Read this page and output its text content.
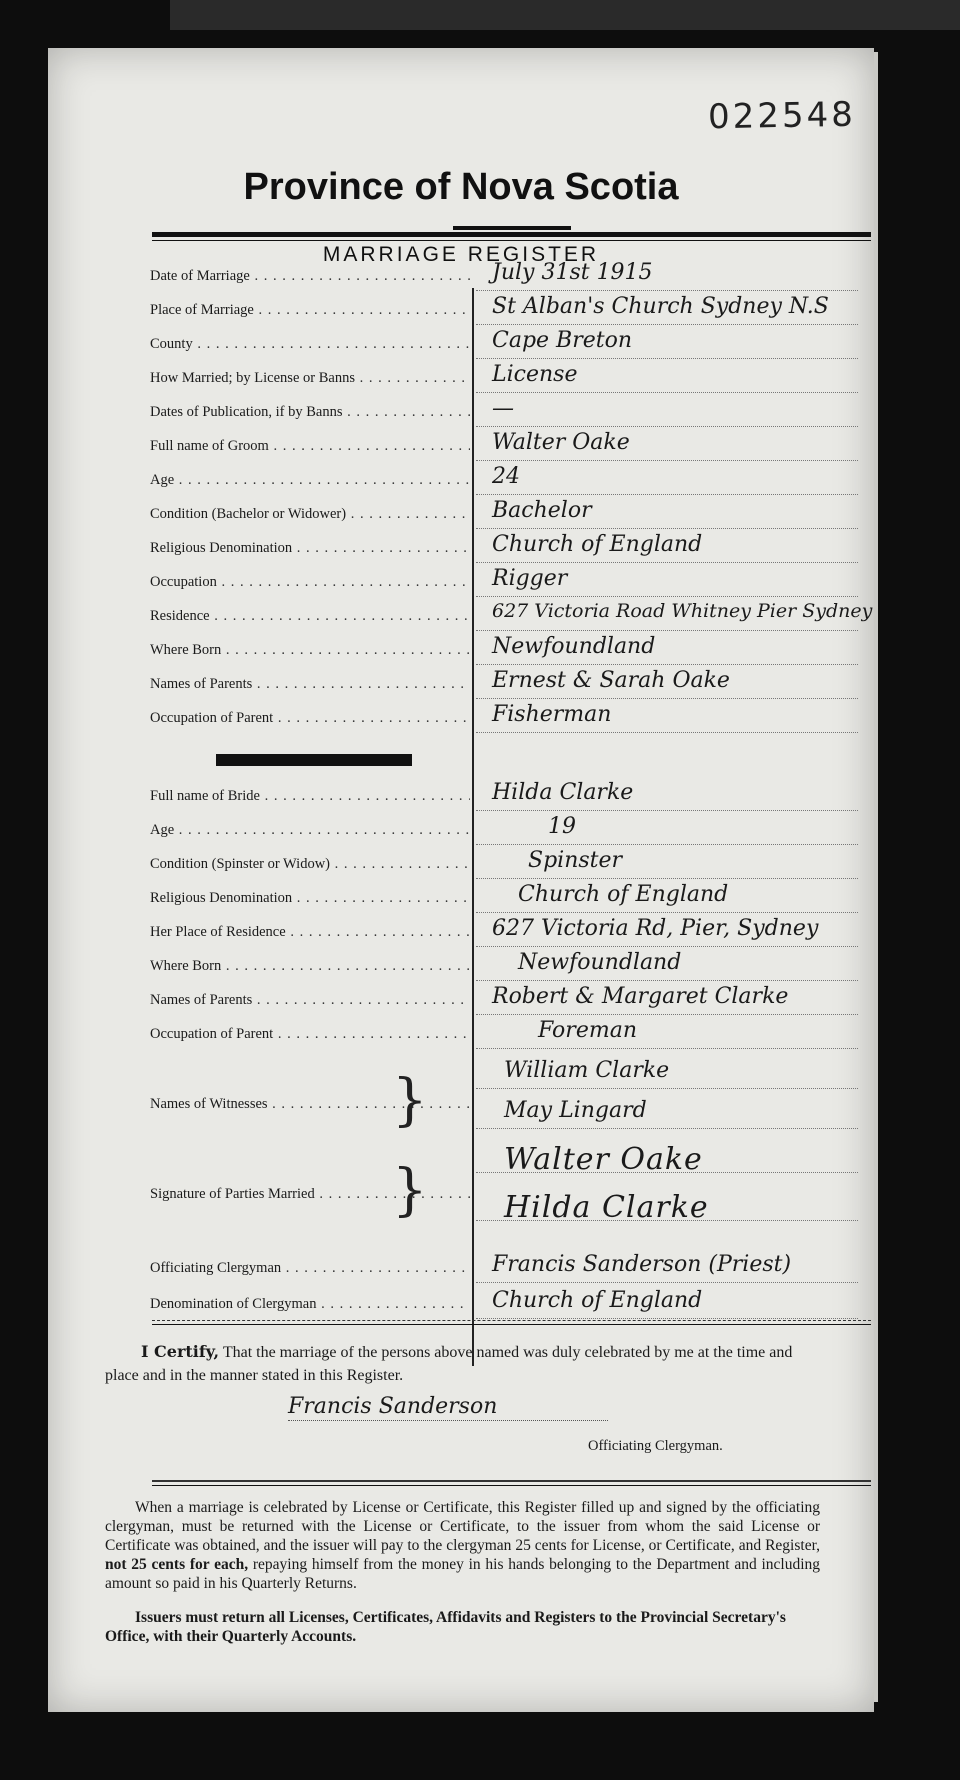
022548
Province of Nova Scotia
MARRIAGE REGISTER
Date of Marriage . . .	July 31st 1915
Place of Marriage . . .	St Alban's Church Sydney N.S
County . . .	Cape Breton
How Married; by License or Banns . . .	License
Dates of Publication, if by Banns . . .	—
Full name of Groom . . .	Walter Oake
Age . . .	24
Condition (Bachelor or Widower) . . .	Bachelor
Religious Denomination . . .	Church of England
Occupation . . .	Rigger
Residence . . .	627 Victoria Road Whitney Pier Sydney
Where Born . . .	Newfoundland
Names of Parents . . .	Ernest & Sarah Oake
Occupation of Parent . . .	Fisherman
Full name of Bride . . .	Hilda Clarke
Age . . .	19
Condition (Spinster or Widow) . . .	Spinster
Religious Denomination . . .	Church of England
Her Place of Residence . . .	627 Victoria Rd, Pier, Sydney
Where Born . . .	Newfoundland
Names of Parents . . .	Robert & Margaret Clarke
Occupation of Parent . . .	Foreman
Names of Witnesses . . .	}	William Clarke
May Lingard
Signature of Parties Married . . .	}	Walter Oake
Hilda Clarke
Officiating Clergyman . . .	Francis Sanderson (Priest)
Denomination of Clergyman . . .	Church of England
I Certify, That the marriage of the persons above named was duly celebrated by me at the time and place and in the manner stated in this Register.
Francis Sanderson
Officiating Clergyman.
When a marriage is celebrated by License or Certificate, this Register filled up and signed by the officiating clergyman, must be returned with the License or Certificate, to the issuer from whom the said License or Certificate was obtained, and the issuer will pay to the clergyman 25 cents for License, or Certificate, and Register, not 25 cents for each, repaying himself from the money in his hands belonging to the Department and including amount so paid in his Quarterly Returns.
Issuers must return all Licenses, Certificates, Affidavits and Registers to the Provincial Secretary's Office, with their Quarterly Accounts.
